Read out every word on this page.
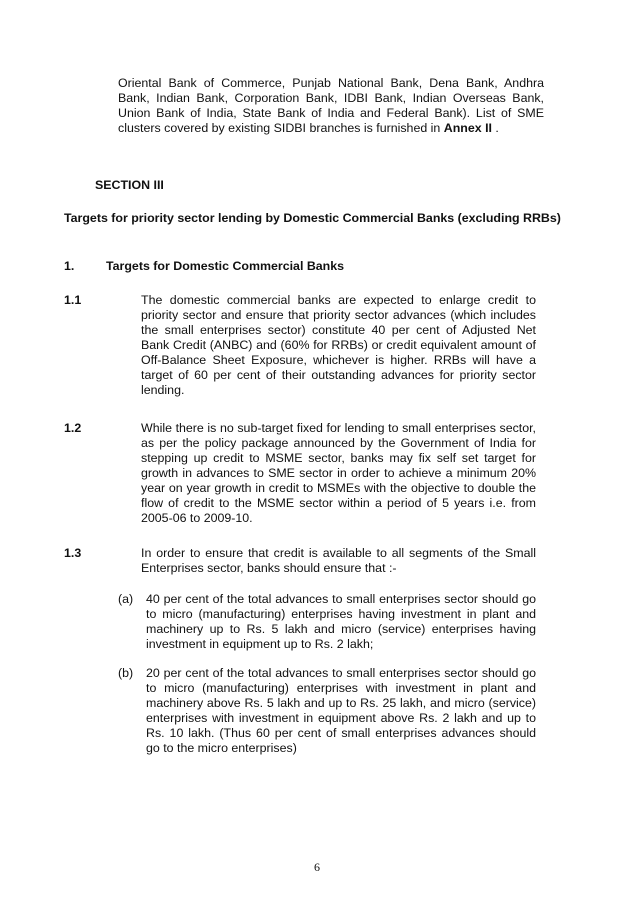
Oriental Bank of Commerce, Punjab National Bank, Dena Bank, Andhra Bank, Indian Bank, Corporation Bank, IDBI Bank, Indian Overseas Bank, Union Bank of India, State Bank of India and Federal Bank). List of SME clusters covered by existing SIDBI branches is furnished in Annex II .

SECTION III

Targets for priority sector lending by Domestic Commercial Banks (excluding RRBs)

1.	Targets for Domestic Commercial Banks
1.1	The domestic commercial banks are expected to enlarge credit to priority sector and ensure that priority sector advances (which includes the small enterprises sector) constitute 40 per cent of Adjusted Net Bank Credit (ANBC) and (60% for RRBs) or credit equivalent amount of Off-Balance Sheet Exposure, whichever is higher. RRBs will have a target of 60 per cent of their outstanding advances for priority sector lending.

1.2	While there is no sub-target fixed for lending to small enterprises sector, as per the policy package announced by the Government of India for stepping up credit to MSME sector, banks may fix self set target for growth in advances to SME sector in order to achieve a minimum 20% year on year growth in credit to MSMEs with the objective to double the flow of credit to the MSME sector within a period of 5 years i.e. from 2005-06 to 2009-10.

1.3	In order to ensure that credit is available to all segments of the Small Enterprises sector, banks should ensure that :-

(a) 40 per cent of the total advances to small enterprises sector should go to micro (manufacturing) enterprises having investment in plant and machinery up to Rs. 5 lakh and micro (service) enterprises having investment in equipment up to Rs. 2 lakh;

(b) 20 per cent of the total advances to small enterprises sector should go to micro (manufacturing) enterprises with investment in plant and machinery above Rs. 5 lakh and up to Rs. 25 lakh, and micro (service) enterprises with investment in equipment above Rs. 2 lakh and up to Rs. 10 lakh. (Thus 60 per cent of small enterprises advances should go to the micro enterprises)

6
